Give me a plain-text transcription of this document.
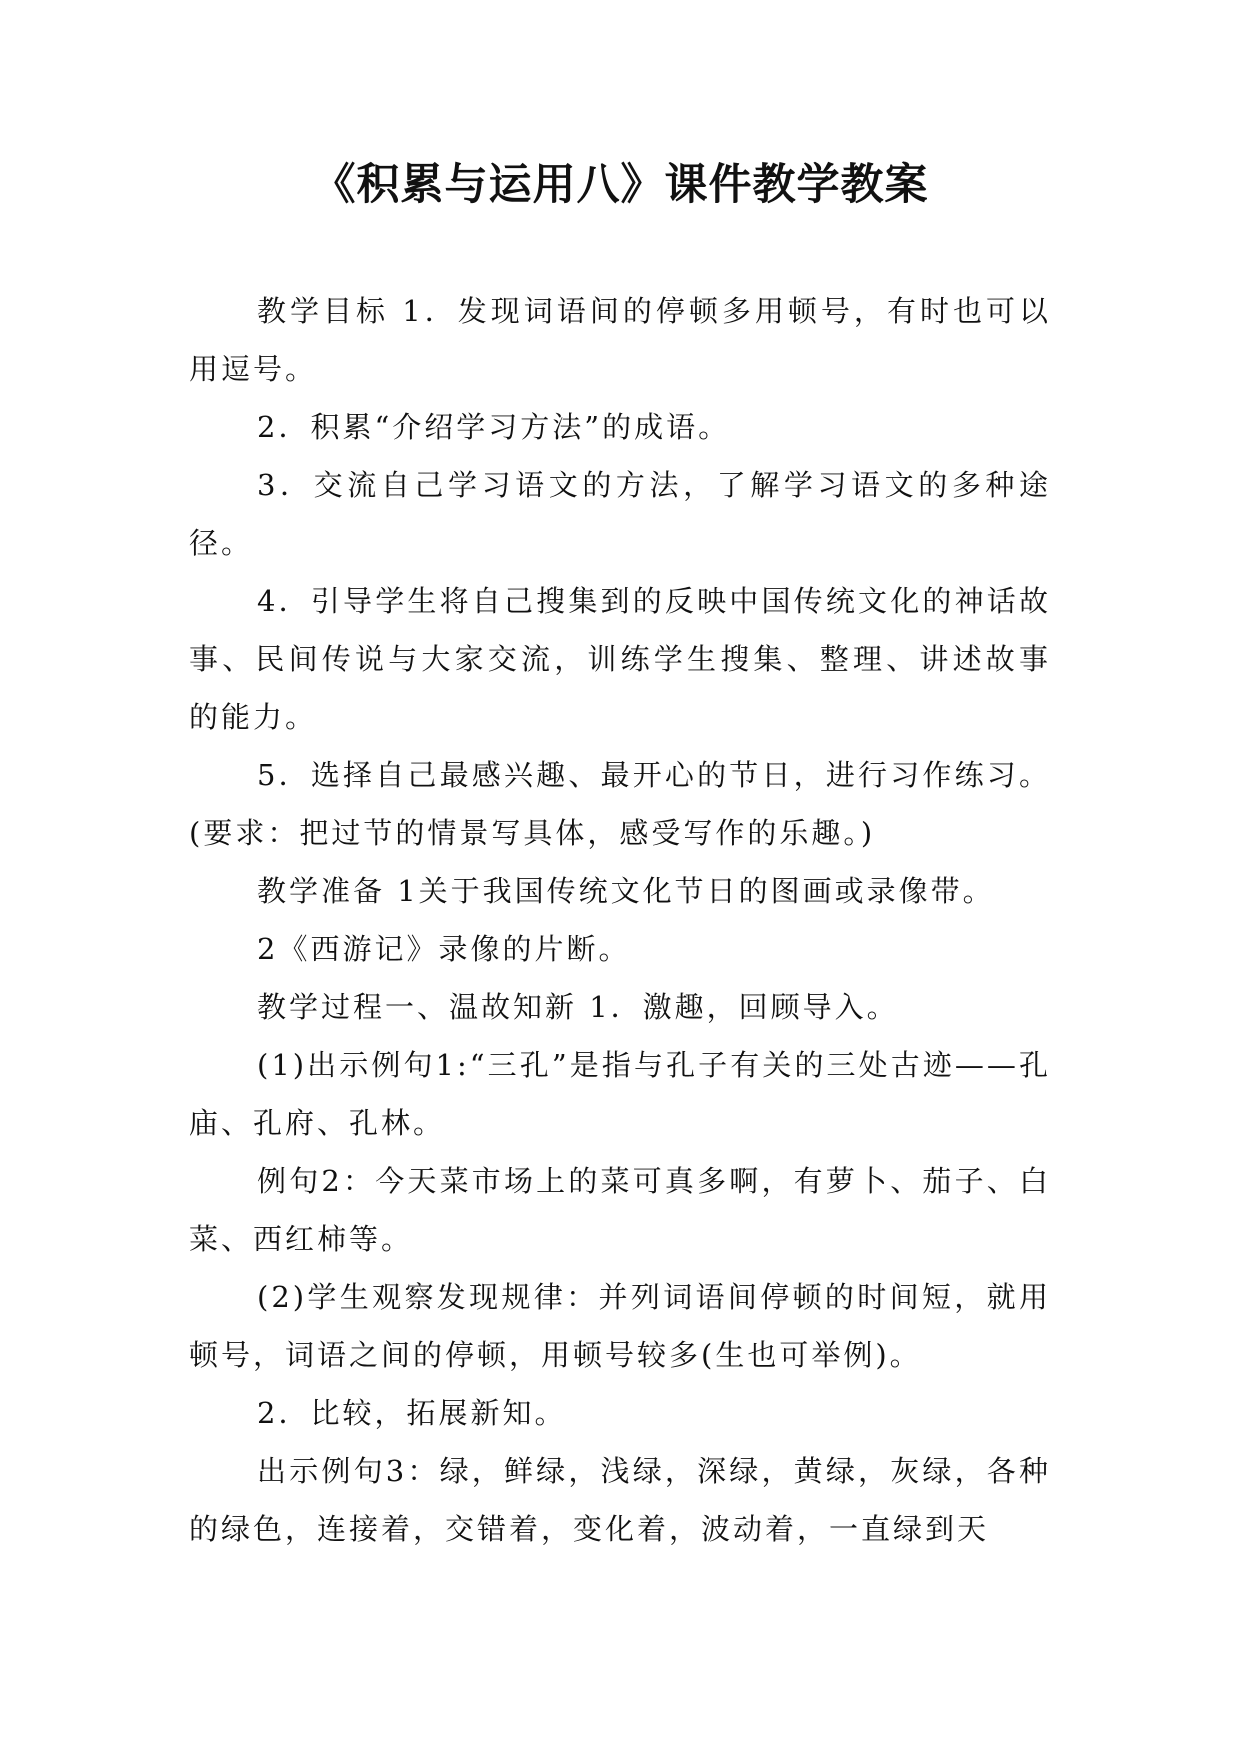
《积累与运用八》课件教学教案

教学目标 1．发现词语间的停顿多用顿号，有时也可以用逗号。

2．积累“介绍学习方法”的成语。

3．交流自己学习语文的方法，了解学习语文的多种途径。

4．引导学生将自己搜集到的反映中国传统文化的神话故事、民间传说与大家交流，训练学生搜集、整理、讲述故事的能力。

5．选择自己最感兴趣、最开心的节日，进行习作练习。(要求：把过节的情景写具体，感受写作的乐趣。)

教学准备 1关于我国传统文化节日的图画或录像带。

2《西游记》录像的片断。

教学过程一、温故知新 1．激趣，回顾导入。

(1)出示例句1:“三孔”是指与孔子有关的三处古迹——孔庙、孔府、孔林。

例句2：今天菜市场上的菜可真多啊，有萝卜、茄子、白菜、西红柿等。

(2)学生观察发现规律：并列词语间停顿的时间短，就用顿号，词语之间的停顿，用顿号较多(生也可举例)。

2．比较，拓展新知。

出示例句3：绿，鲜绿，浅绿，深绿，黄绿，灰绿，各种的绿色，连接着，交错着，变化着，波动着，一直绿到天
